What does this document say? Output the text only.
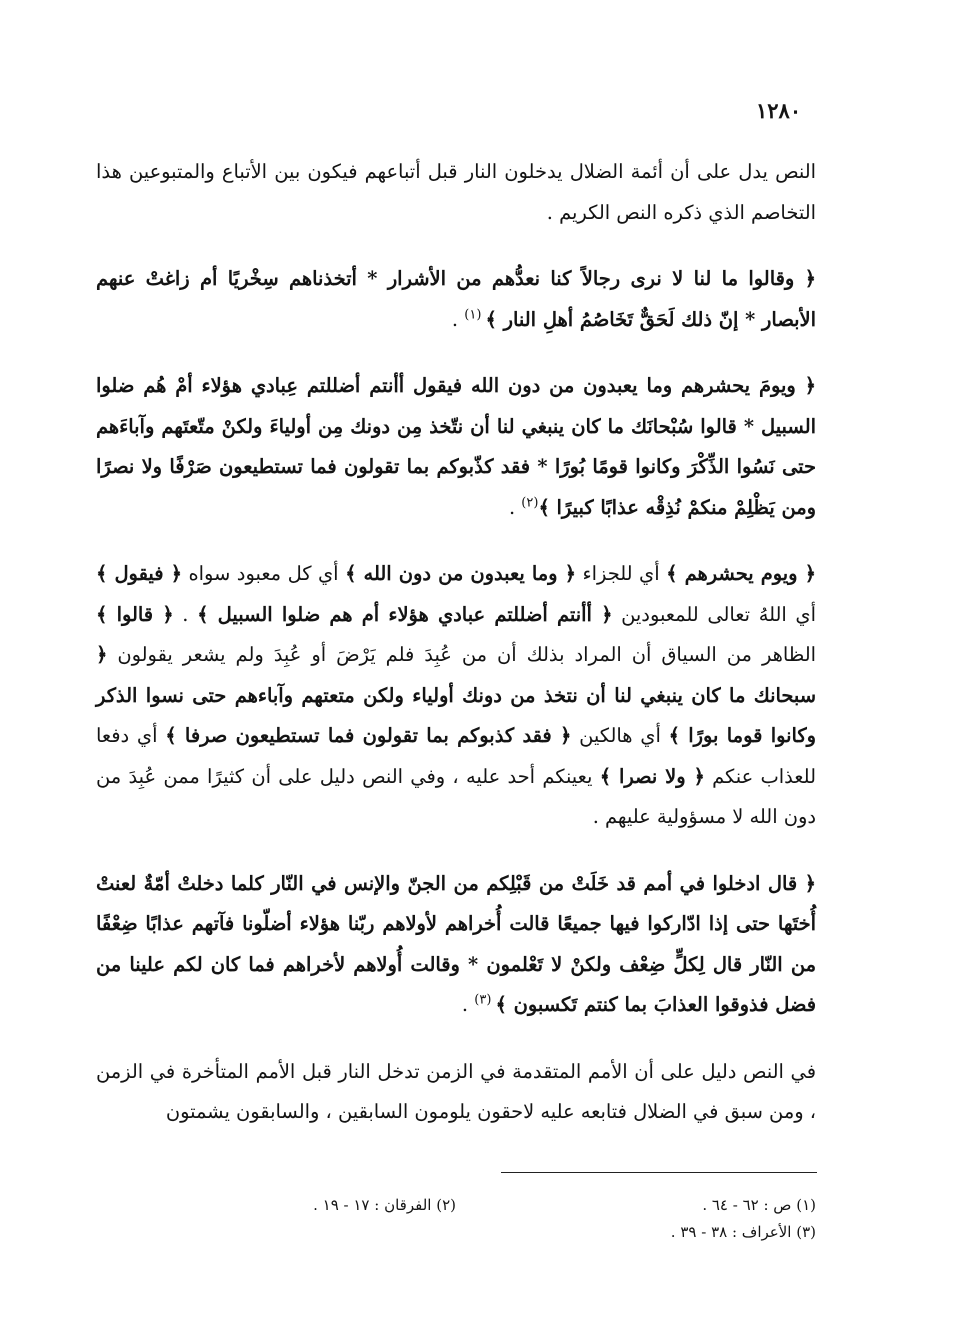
١٢٨٠

النص يدل على أن أئمة الضلال يدخلون النار قبل أتباعهم فيكون بين الأتباع والمتبوعين هذا التخاصم الذي ذكره النص الكريم .

﴿ وقالوا ما لنا لا نرى رجالاً كنا نعدُّهم من الأشرار * أتخذناهم سِخْريًا أم زاغتْ عنهم الأبصار * إنّ ذلك لَحَقٌّ تَخَاصُمُ أهلِ النار ﴾ $^{(١)}$ .

﴿ ويومَ يحشرهم وما يعبدون من دون الله فيقول أأنتم أضللتم عِبادي هؤلاء أمْ هُم ضلوا السبيل * قالوا سُبْحانَك ما كان ينبغي لنا أن نتّخذ مِن دونك مِن أولياءَ ولكنْ متّعتَهم وآباءَهم حتى نَسُوا الذِّكْرَ وكانوا قومًا بُورًا * فقد كذّبوكم بما تقولون فما تستطيعون صَرْفًا ولا نصرًا ومن يَظْلِمْ منكمْ نُذِقْه عذابًا كبيرًا ﴾$^{(٢)}$ .

﴿ ويوم يحشرهم ﴾ أي للجزاء ﴿ وما يعبدون من دون الله ﴾ أي كل معبود سواه ﴿ فيقول ﴾ أي اللهُ تعالى للمعبودين ﴿ أأنتم أضللتم عبادي هؤلاء أم هم ضلوا السبيل ﴾ . ﴿ قالوا ﴾ الظاهر من السياق أن المراد بذلك أن من عُبِدَ فلم يَرْضَ أو عُبِدَ ولم يشعر يقولون ﴿ سبحانك ما كان ينبغي لنا أن نتخذ من دونك أولياء ولكن متعتهم وآباءهم حتى نسوا الذكر وكانوا قوما بورًا ﴾ أي هالكين ﴿ فقد كذبوكم بما تقولون فما تستطيعون صرفا ﴾ أي دفعا للعذاب عنكم ﴿ ولا نصرا ﴾ يعينكم أحد عليه ، وفي النص دليل على أن كثيرًا ممن عُبِدَ من دون الله لا مسؤولية عليهم .

﴿ قال ادخلوا في أمم قد خَلَتْ من قَبْلِكم من الجنّ والإنس في النّار كلما دخلتْ أمّةٌ لعنتْ أُختَها حتى إذا ادّاركوا فيها جميعًا قالت أُخراهم لأولاهم ربّنا هؤلاء أضلّونا فآتهم عذابًا ضِعْفًا من النّار قال لِكلٍّ ضِعْف ولكنْ لا تَعْلمون * وقالت أُولاهم لأخراهم فما كان لكم علينا من فضل فذوقوا العذابَ بما كنتم تَكسبون ﴾ $^{(٣)}$ .

في النص دليل على أن الأمم المتقدمة في الزمن تدخل النار قبل الأمم المتأخرة في الزمن ، ومن سبق في الضلال فتابعه عليه لاحقون يلومون السابقين ، والسابقون يشمتون

(١) ص : ٦٢ - ٦٤ .
(٢) الفرقان : ١٧ - ١٩ .
(٣) الأعراف : ٣٨ - ٣٩ .
